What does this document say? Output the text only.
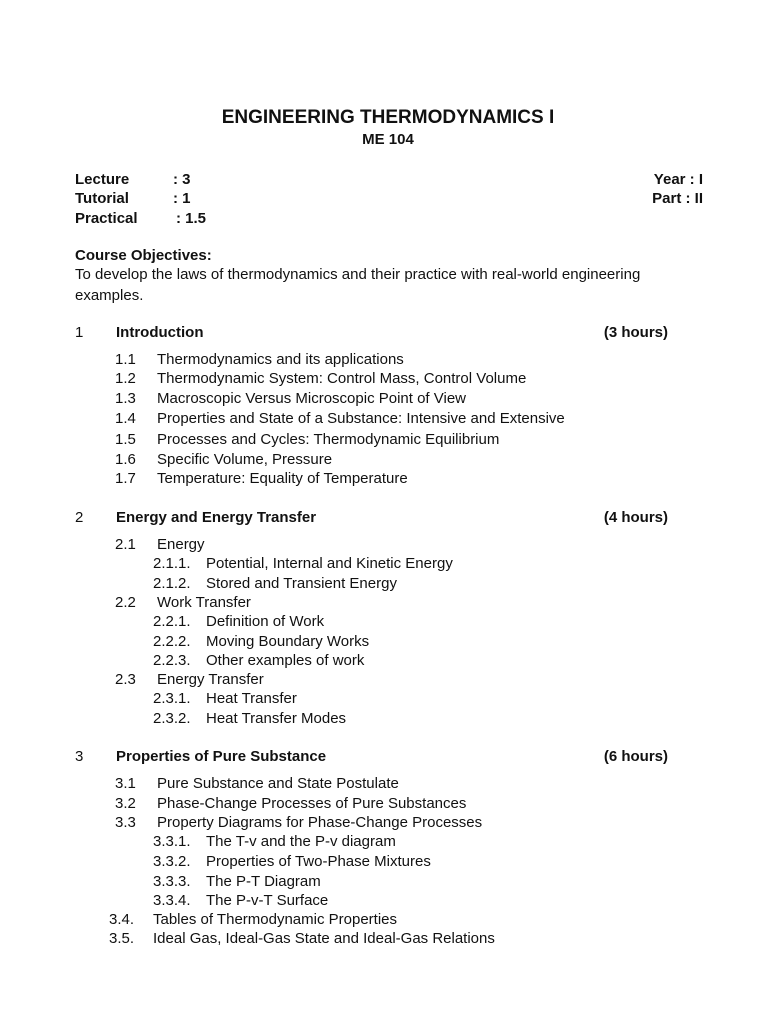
ENGINEERING THERMODYNAMICS I
ME 104
Lecture	: 3
Tutorial	: 1
Practical	: 1.5
Year : I
Part : II
Course Objectives:
To develop the laws of thermodynamics and their practice with real-world engineering
examples.
1 Introduction	(3 hours)
1.1 Thermodynamics and its applications
1.2 Thermodynamic System: Control Mass, Control Volume
1.3 Macroscopic Versus Microscopic Point of View
1.4 Properties and State of a Substance: Intensive and Extensive
1.5 Processes and Cycles: Thermodynamic Equilibrium
1.6 Specific Volume, Pressure
1.7 Temperature: Equality of Temperature
2 Energy and Energy Transfer	(4 hours)
2.1 Energy
2.1.1. Potential, Internal and Kinetic Energy
2.1.2. Stored and Transient Energy
2.2 Work Transfer
2.2.1. Definition of Work
2.2.2. Moving Boundary Works
2.2.3. Other examples of work
2.3 Energy Transfer
2.3.1. Heat Transfer
2.3.2. Heat Transfer Modes
3 Properties of Pure Substance	(6 hours)
3.1 Pure Substance and State Postulate
3.2 Phase-Change Processes of Pure Substances
3.3 Property Diagrams for Phase-Change Processes
3.3.1. The T-v and the P-v diagram
3.3.2. Properties of Two-Phase Mixtures
3.3.3. The P-T Diagram
3.3.4. The P-v-T Surface
3.4. Tables of Thermodynamic Properties
3.5. Ideal Gas, Ideal-Gas State and Ideal-Gas Relations
